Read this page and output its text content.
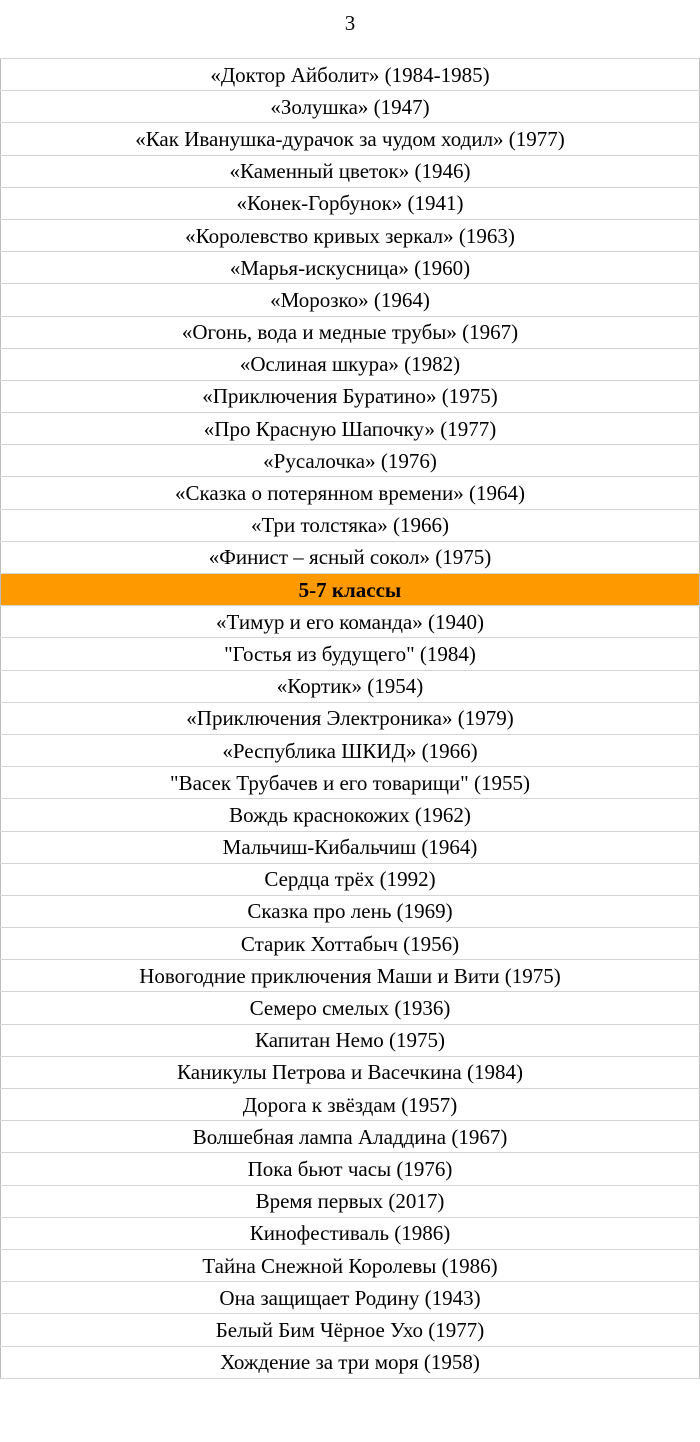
3
«Доктор Айболит» (1984-1985)
«Золушка» (1947)
«Как Иванушка-дурачок за чудом ходил» (1977)
«Каменный цветок» (1946)
«Конек-Горбунок» (1941)
«Королевство кривых зеркал» (1963)
«Марья-искусница» (1960)
«Морозко» (1964)
«Огонь, вода и медные трубы» (1967)
«Ослиная шкура» (1982)
«Приключения Буратино» (1975)
«Про Красную Шапочку» (1977)
«Русалочка» (1976)
«Сказка о потерянном времени» (1964)
«Три толстяка» (1966)
«Финист – ясный сокол» (1975)
5-7 классы
«Тимур и его команда» (1940)
"Гостья из будущего" (1984)
«Кортик» (1954)
«Приключения Электроника» (1979)
«Республика ШКИД» (1966)
"Васек Трубачев и его товарищи" (1955)
Вождь краснокожих (1962)
Мальчиш-Кибальчиш (1964)
Сердца трёх (1992)
Сказка про лень (1969)
Старик Хоттабыч (1956)
Новогодние приключения Маши и Вити (1975)
Семеро смелых (1936)
Капитан Немо (1975)
Каникулы Петрова и Васечкина (1984)
Дорога к звёздам (1957)
Волшебная лампа Аладдина (1967)
Пока бьют часы (1976)
Время первых (2017)
Кинофестиваль (1986)
Тайна Снежной Королевы (1986)
Она защищает Родину (1943)
Белый Бим Чёрное Ухо (1977)
Хождение за три моря (1958)
